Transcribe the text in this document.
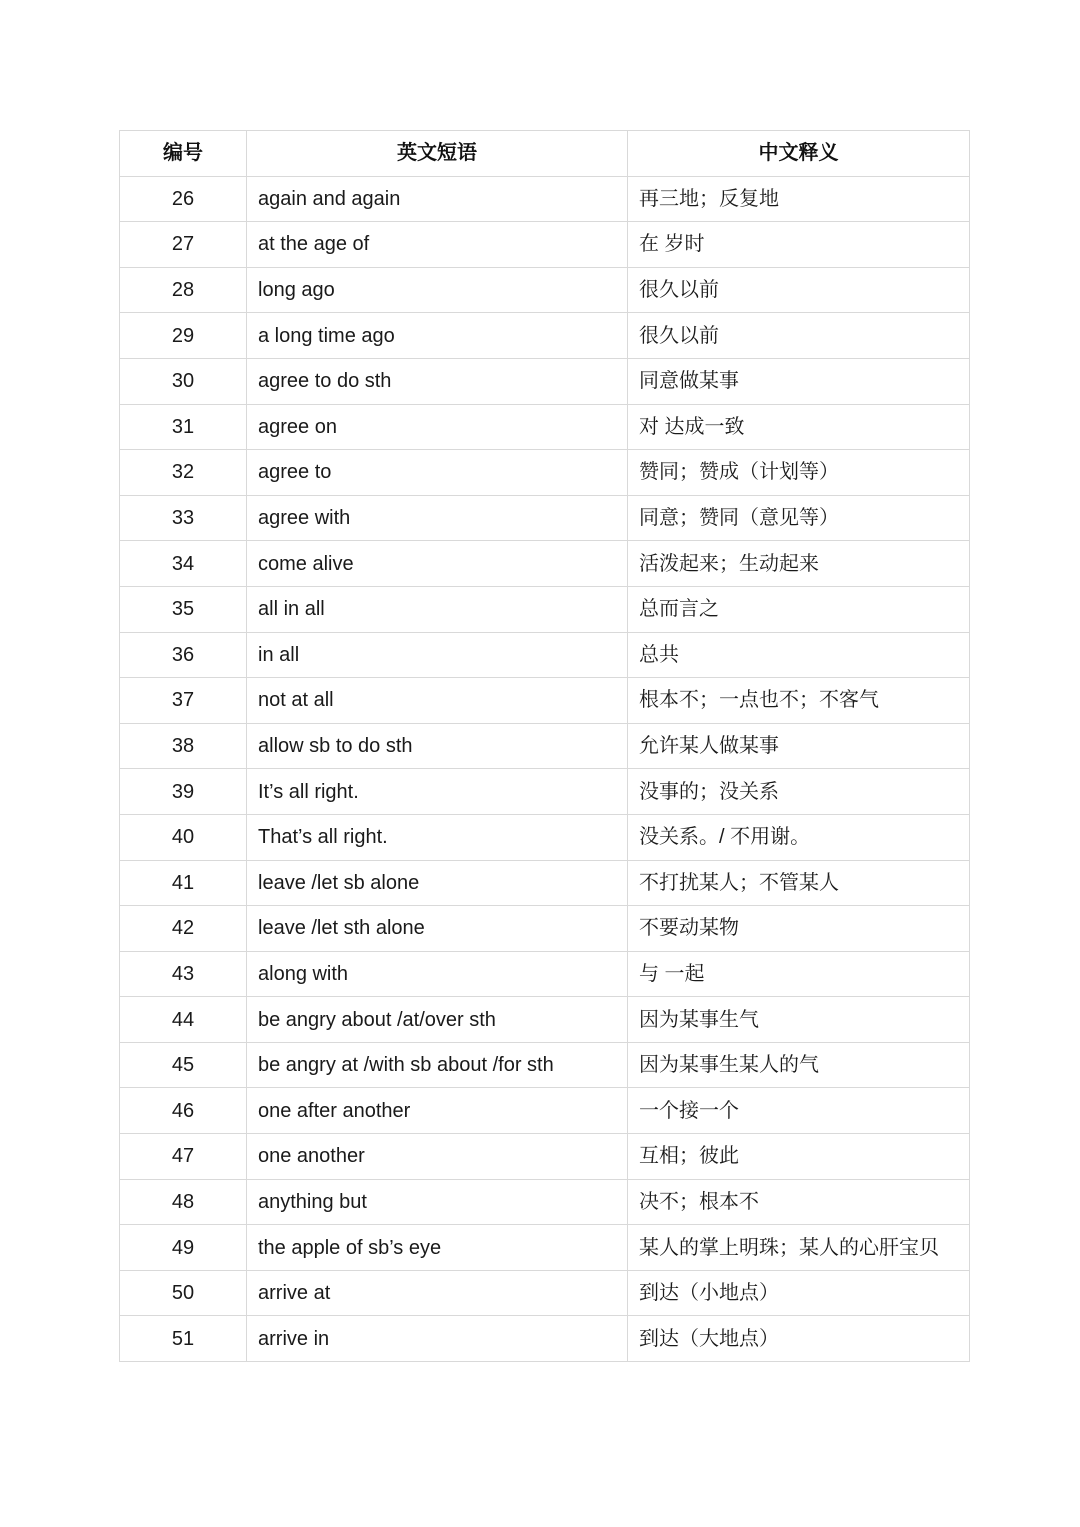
编号	英文短语	中文释义
26	again and again	再三地；反复地
27	at the age of	在 岁时
28	long ago	很久以前
29	a long time ago	很久以前
30	agree to do sth	同意做某事
31	agree on	对 达成一致
32	agree to	赞同；赞成（计划等）
33	agree with	同意；赞同（意见等）
34	come alive	活泼起来；生动起来
35	all in all	总而言之
36	in all	总共
37	not at all	根本不；一点也不；不客气
38	allow sb to do sth	允许某人做某事
39	It’s all right.	没事的；没关系
40	That’s all right.	没关系。/ 不用谢。
41	leave /let sb alone	不打扰某人；不管某人
42	leave /let sth alone	不要动某物
43	along with	与 一起
44	be angry about /at/over sth	因为某事生气
45	be angry at /with sb about /for sth	因为某事生某人的气
46	one after another	一个接一个
47	one another	互相；彼此
48	anything but	决不；根本不
49	the apple of sb’s eye	某人的掌上明珠；某人的心肝宝贝
50	arrive at	到达（小地点）
51	arrive in	到达（大地点）
